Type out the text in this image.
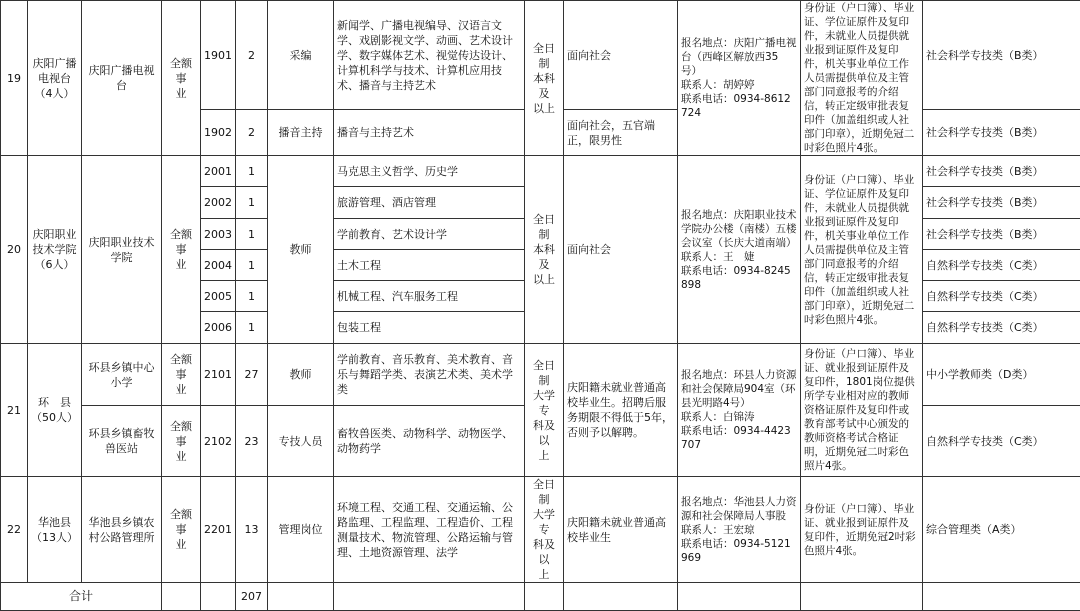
19	庆阳广播
电视台
（4人）	庆阳广播电视
台	全额事
业	1901	2	采编	新闻学、广播电视编导、汉语言文学、戏剧影视文学、动画、艺术设计学、数字媒体艺术、视觉传达设计、计算机科学与技术、计算机应用技术、播音与主持艺术	全日制
本科及
以上	面向社会	报名地点：庆阳广播电视台（西峰区解放西35号）
联系人：胡婷婷
联系电话：0934-8612724	身份证（户口簿）、毕业证、学位证原件及复印件，未就业人员提供就业报到证原件及复印件，机关事业单位工作人员需提供单位及主管部门同意报考的介绍信，转正定级审批表复印件（加盖组织或人社部门印章），近期免冠二吋彩色照片4张。	社会科学专技类（B类）
				1902	2	播音主持	播音与主持艺术		面向社会，五官端正，限男性			社会科学专技类（B类）
20	庆阳职业
技术学院
（6人）	庆阳职业技术
学院	全额事
业	2001	1	教师	马克思主义哲学、历史学	全日制
本科及
以上	面向社会	报名地点：庆阳职业技术学院办公楼（南楼）五楼会议室（长庆大道南端）
联系人：王　婕
联系电话：0934-8245898	身份证（户口簿）、毕业证、学位证原件及复印件，未就业人员提供就业报到证原件及复印件，机关事业单位工作人员需提供单位及主管部门同意报考的介绍信，转正定级审批表复印件（加盖组织或人社部门印章），近期免冠二吋彩色照片4张。	社会科学专技类（B类）
				2002	1		旅游管理、酒店管理					社会科学专技类（B类）
				2003	1		学前教育、艺术设计学					社会科学专技类（B类）
				2004	1		土木工程					自然科学专技类（C类）
				2005	1		机械工程、汽车服务工程					自然科学专技类（C类）
				2006	1		包装工程					自然科学专技类（C类）
21	环　县
（50人）	环县乡镇中心
小学	全额事
业	2101	27	教师	学前教育、音乐教育、美术教育、音乐与舞蹈学类、表演艺术类、美术学类	全日制
大学专
科及以
上	庆阳籍未就业普通高校毕业生。招聘后服务期限不得低于5年，否则予以解聘。	报名地点：环县人力资源和社会保障局904室（环县光明路4号）
联系人：白锦涛
联系电话：0934-4423707	身份证（户口簿）、毕业证、就业报到证原件及复印件，1801岗位提供所学专业相对应的教师资格证原件及复印件或教育部考试中心颁发的教师资格考试合格证明，近期免冠二吋彩色照片4张。	中小学教师类（D类）
		环县乡镇畜牧
兽医站	全额事
业	2102	23	专技人员	畜牧兽医类、动物科学、动物医学、动物药学					自然科学专技类（C类）
22	华池县
（13人）	华池县乡镇农
村公路管理所	全额事
业	2201	13	管理岗位	环境工程、交通工程、交通运输、公路监理、工程监理、工程造价、工程测量技术、物流管理、公路运输与管理、土地资源管理、法学	全日制
大学专
科及以
上	庆阳籍未就业普通高校毕业生	报名地点：华池县人力资源和社会保障局人事股
联系人：王宏琼
联系电话：0934-5121969	身份证（户口簿）、毕业证、就业报到证原件及复印件，近期免冠2吋彩色照片4张。	综合管理类（A类）
合计					207							
